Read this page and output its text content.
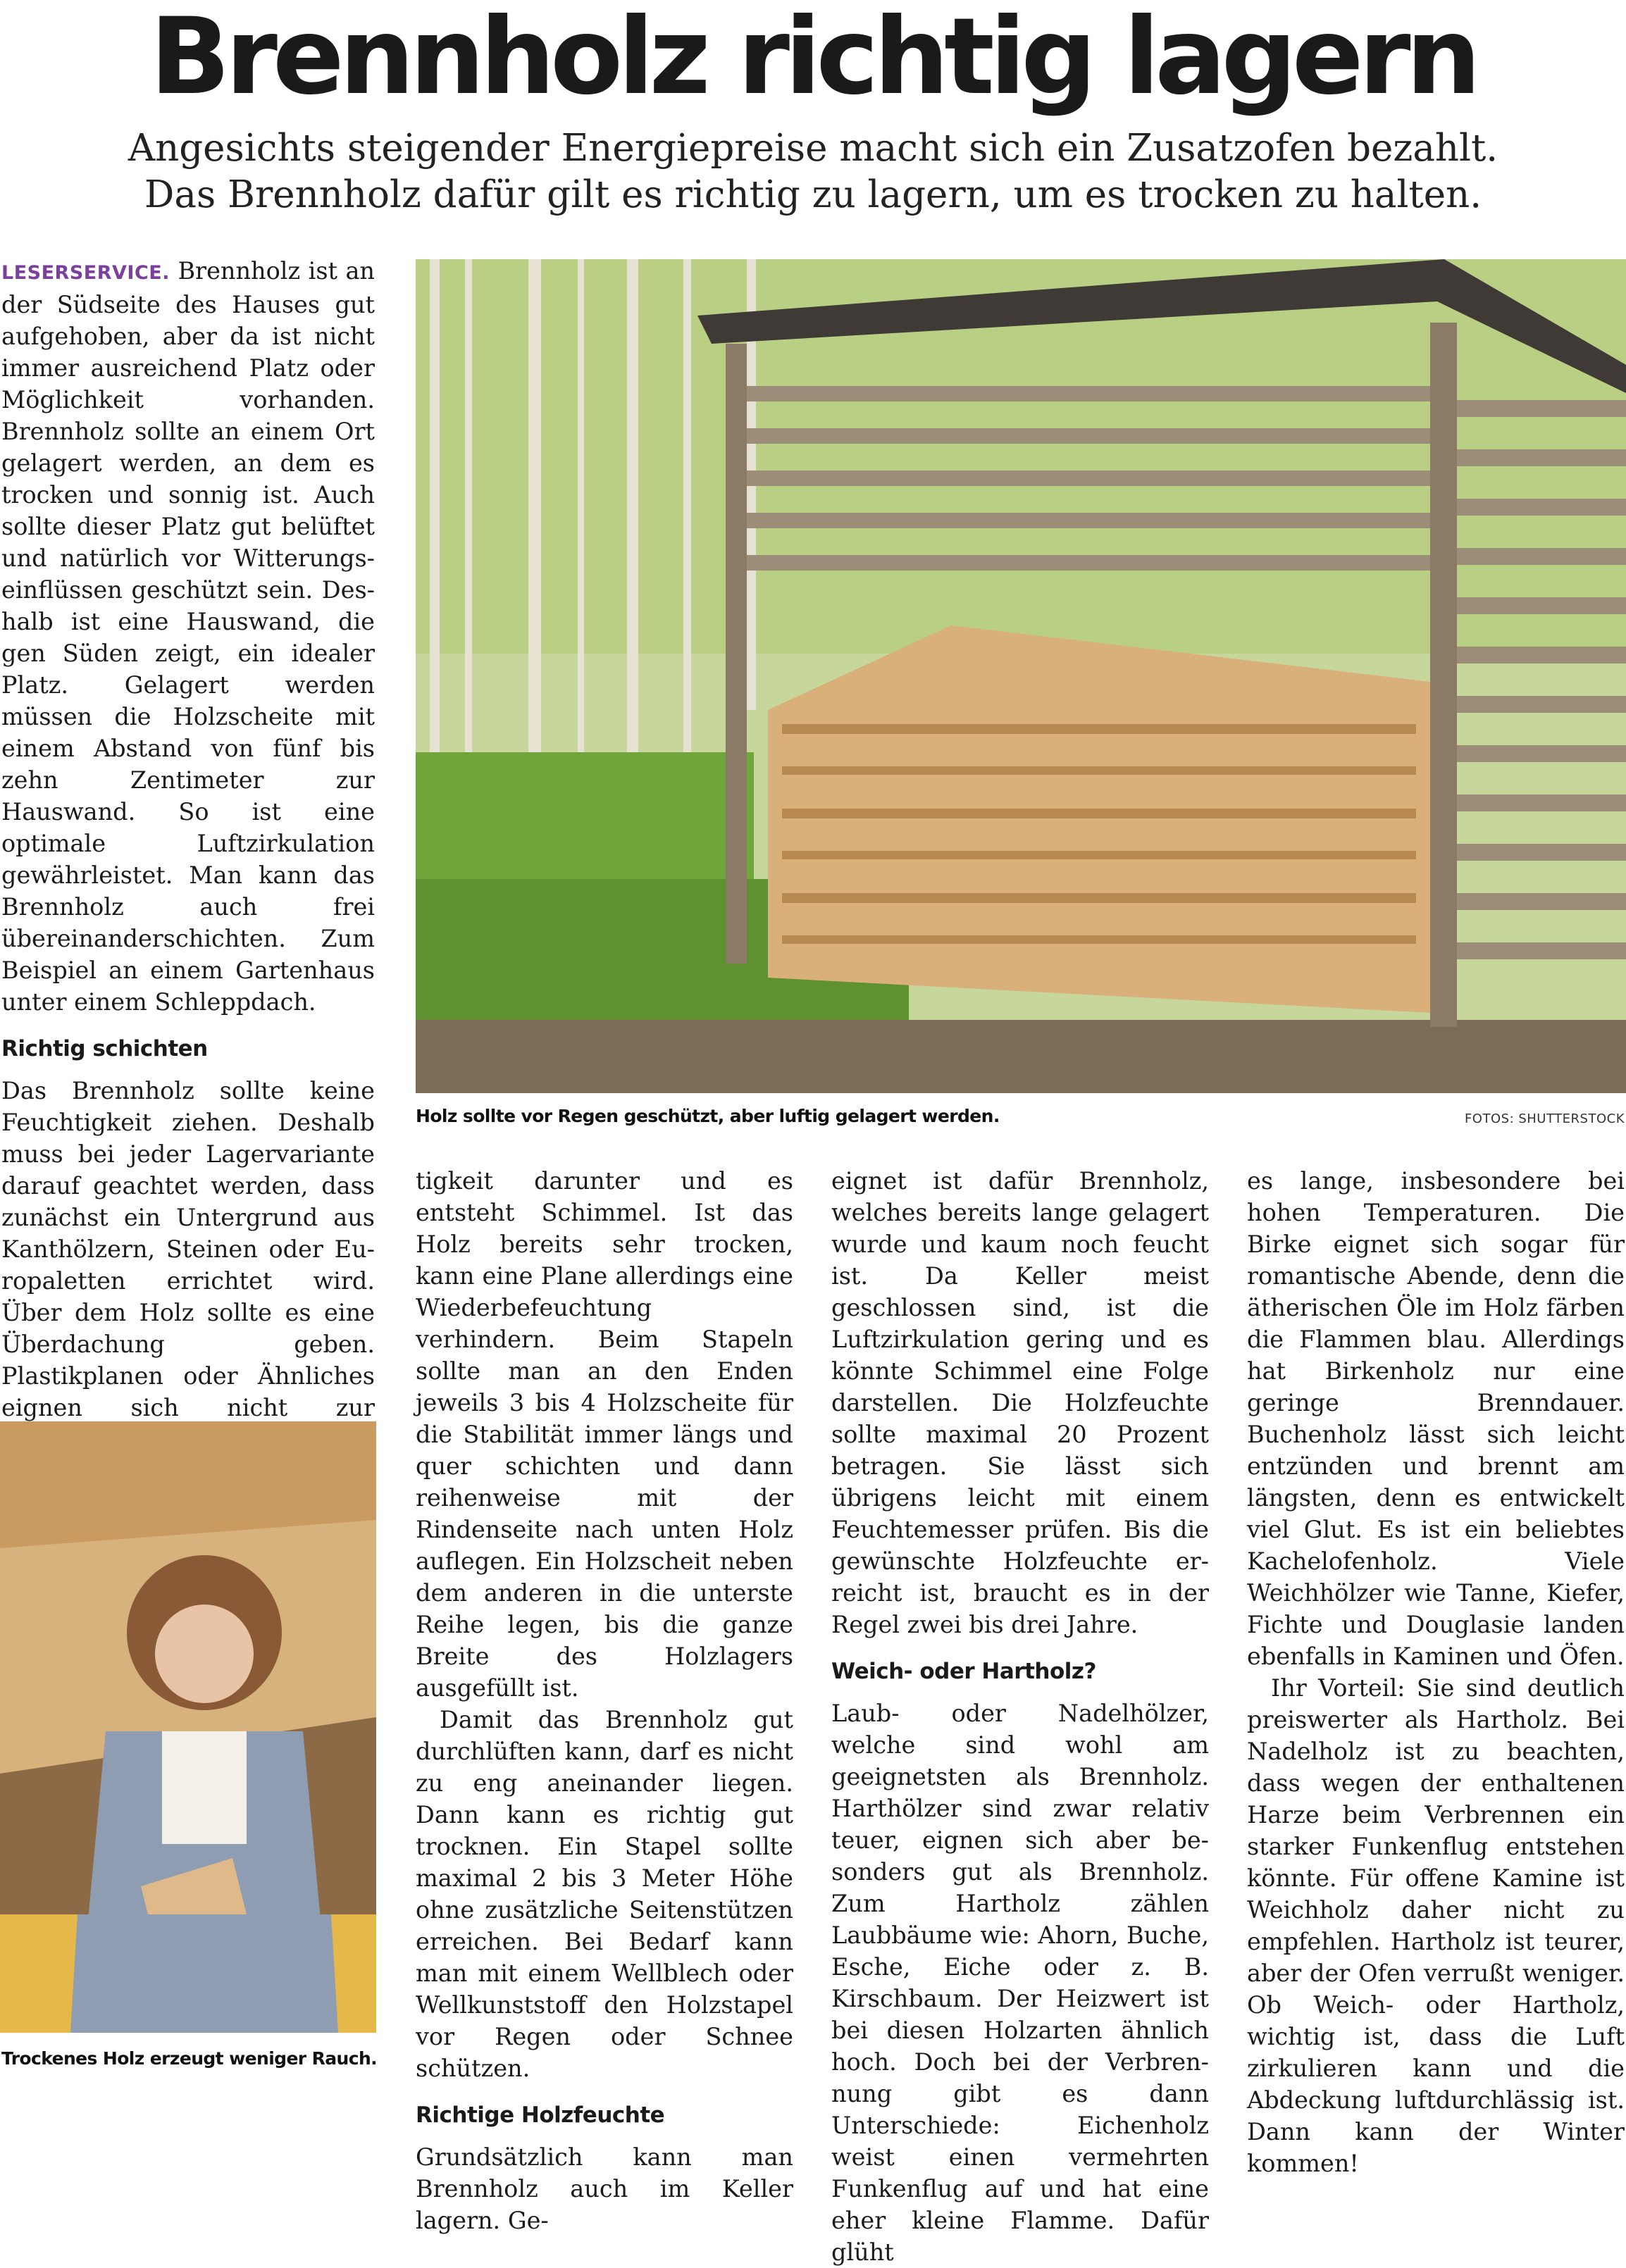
Brennholz richtig lagern
Angesichts steigender Energiepreise macht sich ein Zusatzofen bezahlt.
Das Brennholz dafür gilt es richtig zu lagern, um es trocken zu halten.

LESERSERVICE. Brennholz ist an der Südseite des Hauses gut aufgehoben, aber da ist nicht immer ausreichend Platz oder Möglichkeit vorhanden. Brennholz sollte an einem Ort gelagert werden, an dem es trocken und sonnig ist. Auch sollte dieser Platz gut belüftet und natürlich vor Witterungseinflüssen geschützt sein. Deshalb ist eine Hauswand, die gen Süden zeigt, ein idealer Platz. Gelagert werden müssen die Holzscheite mit einem Abstand von fünf bis zehn Zentimeter zur Hauswand. So ist eine optimale Luftzirkulation gewährleistet. Man kann das Brennholz auch frei übereinanderschichten. Zum Beispiel an einem Gartenhaus unter einem Schleppdach.

Richtig schichten

Das Brennholz sollte keine Feuchtigkeit ziehen. Deshalb muss bei jeder Lagervariante darauf geachtet werden, dass zunächst ein Untergrund aus Kanthölzern, Steinen oder Europaletten errichtet wird. Über dem Holz sollte es eine Überdachung geben. Plastikplanen oder Ähnliches eignen sich nicht zur

Holz sollte vor Regen geschützt, aber luftig gelagert werden.	FOTOS: SHUTTERSTOCK
Trockenes Holz erzeugt weniger Rauch.

tigkeit darunter und es entsteht Schimmel. Ist das Holz bereits sehr trocken, kann eine Plane allerdings eine Wiederbefeuchtung verhindern. Beim Stapeln sollte man an den Enden jeweils 3 bis 4 Holzscheite für die Stabilität immer längs und quer schichten und dann reihenweise mit der Rindenseite nach unten Holz auflegen. Ein Holzscheit neben dem anderen in die unterste Reihe legen, bis die ganze Breite des Holzlagers ausgefüllt ist.

Damit das Brennholz gut durchlüften kann, darf es nicht zu eng aneinander liegen. Dann kann es richtig gut trocknen. Ein Stapel sollte maximal 2 bis 3 Meter Höhe ohne zusätzliche Seitenstützen erreichen. Bei Bedarf kann man mit einem Wellblech oder Wellkunststoff den Holzstapel vor Regen oder Schnee schützen.

Richtige Holzfeuchte

Grundsätzlich kann man Brennholz auch im Keller lagern. Ge-

eignet ist dafür Brennholz, welches bereits lange gelagert wurde und kaum noch feucht ist. Da Keller meist geschlossen sind, ist die Luftzirkulation gering und es könnte Schimmel eine Folge darstellen. Die Holzfeuchte sollte maximal 20 Prozent betragen. Sie lässt sich übrigens leicht mit einem Feuchtemesser prüfen. Bis die gewünschte Holzfeuchte erreicht ist, braucht es in der Regel zwei bis drei Jahre.

Weich- oder Hartholz?

Laub- oder Nadelhölzer, welche sind wohl am geeignetsten als Brennholz. Harthölzer sind zwar relativ teuer, eignen sich aber besonders gut als Brennholz. Zum Hartholz zählen Laubbäume wie: Ahorn, Buche, Esche, Eiche oder z. B. Kirschbaum. Der Heizwert ist bei diesen Holzarten ähnlich hoch. Doch bei der Verbrennung gibt es dann Unterschiede: Eichenholz weist einen vermehrten Funkenflug auf und hat eine eher kleine Flamme. Dafür glüht

es lange, insbesondere bei hohen Temperaturen. Die Birke eignet sich sogar für romantische Abende, denn die ätherischen Öle im Holz färben die Flammen blau. Allerdings hat Birkenholz nur eine geringe Brenndauer. Buchenholz lässt sich leicht entzünden und brennt am längsten, denn es entwickelt viel Glut. Es ist ein beliebtes Kachelofenholz. Viele Weichhölzer wie Tanne, Kiefer, Fichte und Douglasie landen ebenfalls in Kaminen und Öfen.

Ihr Vorteil: Sie sind deutlich preiswerter als Hartholz. Bei Nadelholz ist zu beachten, dass wegen der enthaltenen Harze beim Verbrennen ein starker Funkenflug entstehen könnte. Für offene Kamine ist Weichholz daher nicht zu empfehlen. Hartholz ist teurer, aber der Ofen verrußt weniger. Ob Weich- oder Hartholz, wichtig ist, dass die Luft zirkulieren kann und die Abdeckung luftdurchlässig ist. Dann kann der Winter kommen!
